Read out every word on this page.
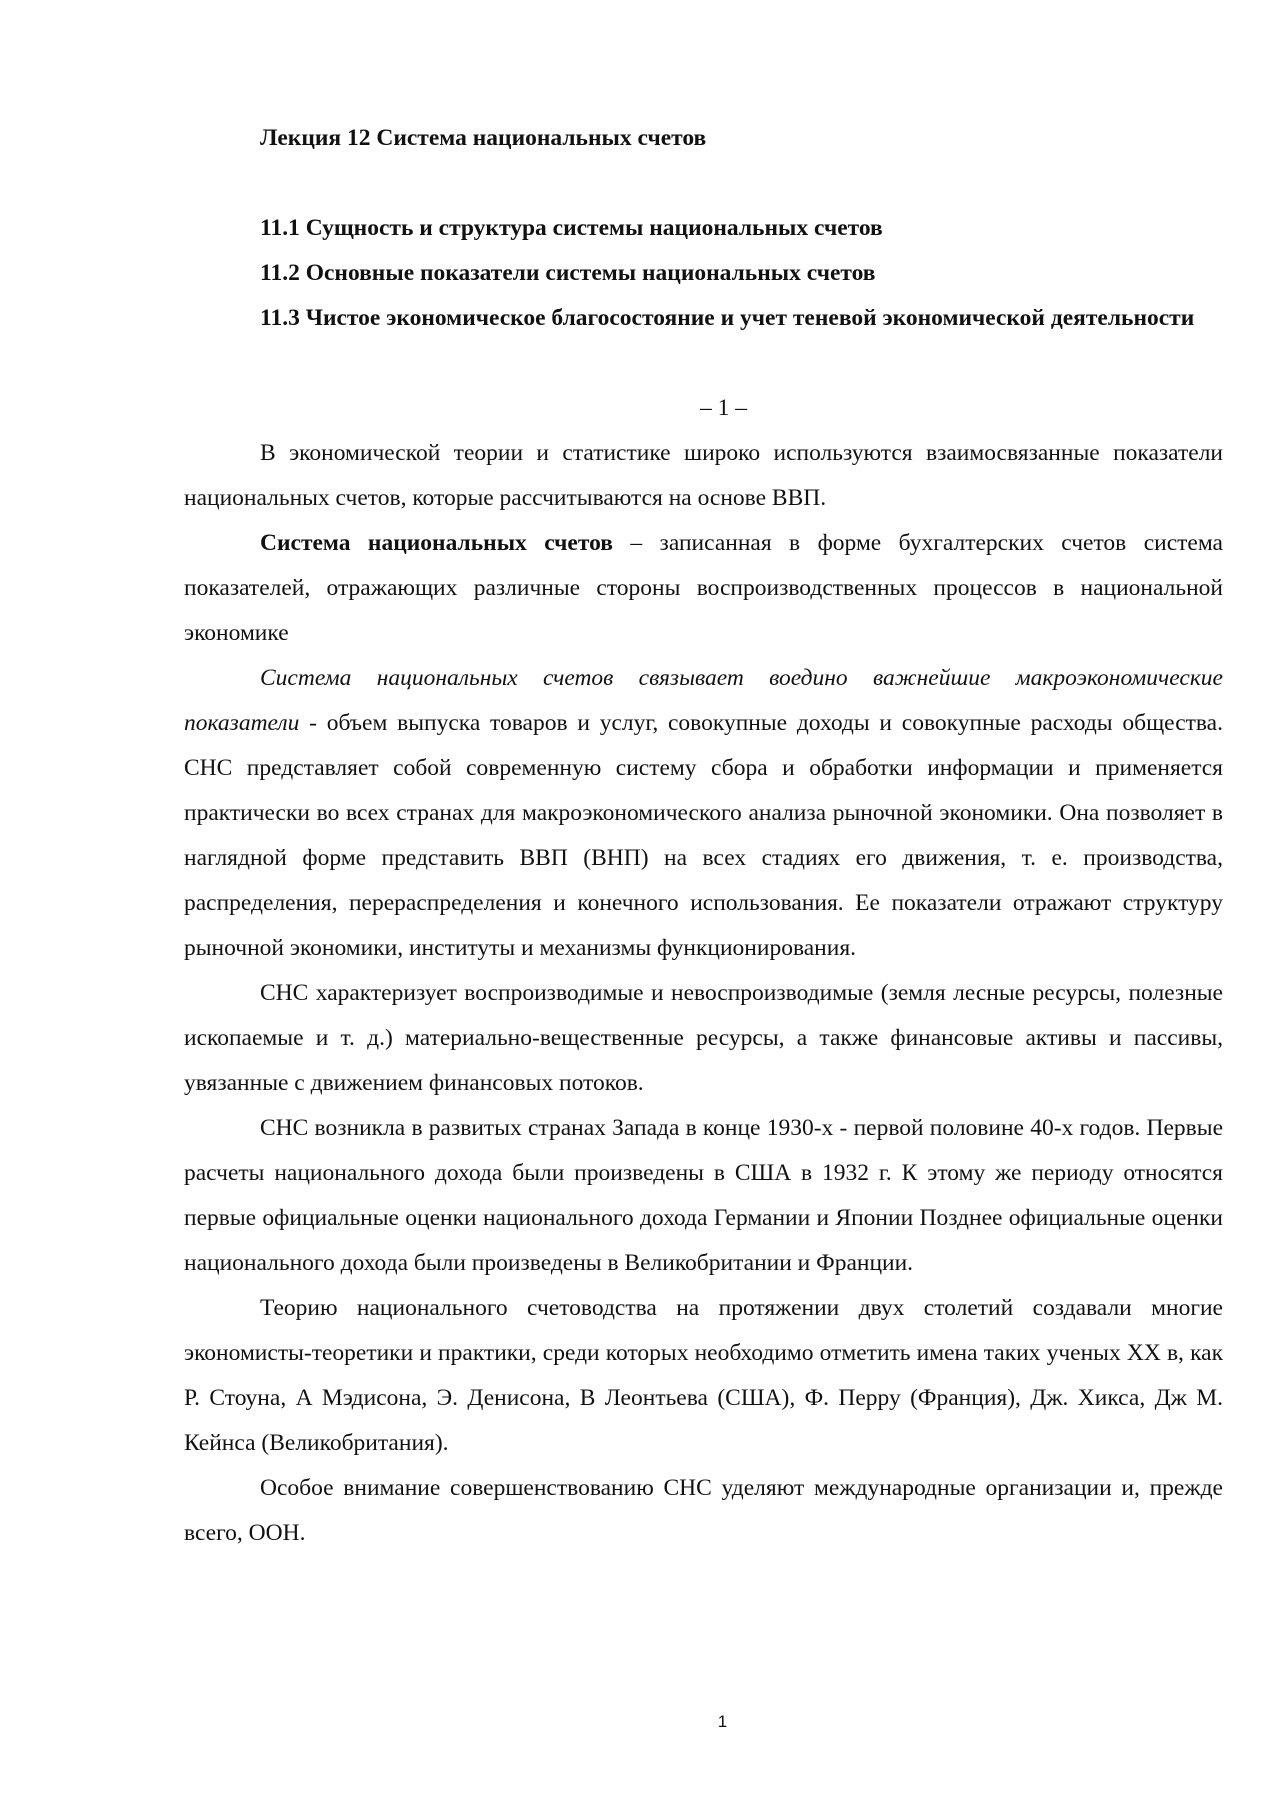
Лекция 12 Система национальных счетов

11.1 Сущность и структура системы национальных счетов

11.2 Основные показатели системы национальных счетов

11.3 Чистое экономическое благосостояние и учет теневой экономической деятельности

– 1 –

В экономической теории и статистике широко используются взаимосвязанные показатели национальных счетов, которые рассчитываются на основе ВВП.

Система национальных счетов – записанная в форме бухгалтерских счетов система показателей, отражающих различные стороны воспроизводственных процессов в национальной экономике

Система национальных счетов связывает воедино важнейшие макроэкономические показатели - объем выпуска товаров и услуг, совокупные доходы и совокупные расходы общества. СНС представляет собой современную систему сбора и обработки информации и применяется практически во всех странах для макроэкономического анализа рыночной экономики. Она позволяет в наглядной форме представить ВВП (ВНП) на всех стадиях его движения, т. е. производства, распределения, перераспределения и конечного использования. Ее показатели отражают структуру рыночной экономики, институты и механизмы функционирования.

СНС характеризует воспроизводимые и невоспроизводимые (земля лесные ресурсы, полезные ископаемые и т. д.) материально-вещественные ресурсы, а также финансовые активы и пассивы, увязанные с движением финансовых потоков.

СНС возникла в развитых странах Запада в конце 1930-х - первой половине 40-х годов. Первые расчеты национального дохода были произведены в США в 1932 г. К этому же периоду относятся первые официальные оценки национального дохода Германии и Японии Позднее официальные оценки национального дохода были произведены в Великобритании и Франции.

Теорию национального счетоводства на протяжении двух столетий создавали многие экономисты-теоретики и практики, среди которых необходимо отметить имена таких ученых XX в, как Р. Стоуна, А Мэдисона, Э. Денисона, В Леонтьева (США), Ф. Перру (Франция), Дж. Хикса, Дж М. Кейнса (Великобритания).

Особое внимание совершенствованию СНС уделяют международные организации и, прежде всего, ООН.

1
